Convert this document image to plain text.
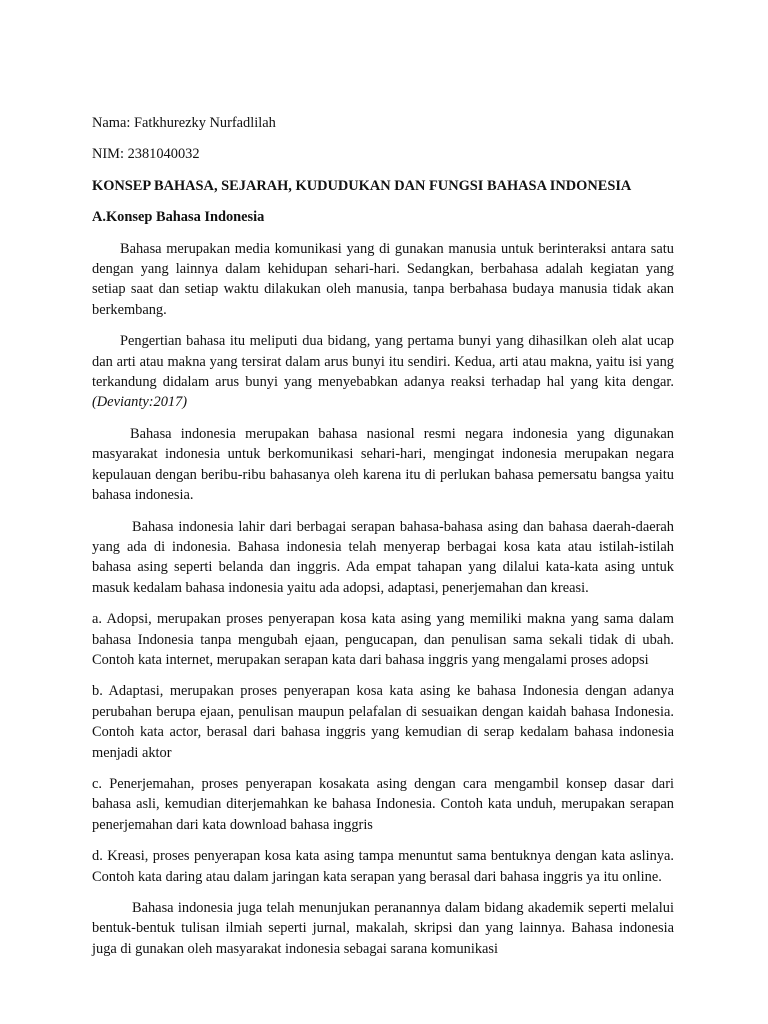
Nama: Fatkhurezky Nurfadlilah
NIM: 2381040032
KONSEP BAHASA, SEJARAH, KUDUDUKAN DAN FUNGSI BAHASA INDONESIA
A.Konsep Bahasa Indonesia

Bahasa merupakan media komunikasi yang di gunakan manusia untuk berinteraksi antara satu dengan yang lainnya dalam kehidupan sehari-hari. Sedangkan, berbahasa adalah kegiatan yang setiap saat dan setiap waktu dilakukan oleh manusia, tanpa berbahasa budaya manusia tidak akan berkembang.

Pengertian bahasa itu meliputi dua bidang, yang pertama bunyi yang dihasilkan oleh alat ucap dan arti atau makna yang tersirat dalam arus bunyi itu sendiri. Kedua, arti atau makna, yaitu isi yang terkandung didalam arus bunyi yang menyebabkan adanya reaksi terhadap hal yang kita dengar. (Devianty:2017)

Bahasa indonesia merupakan bahasa nasional resmi negara indonesia yang digunakan masyarakat indonesia untuk berkomunikasi sehari-hari, mengingat indonesia merupakan negara kepulauan dengan beribu-ribu bahasanya oleh karena itu di perlukan bahasa pemersatu bangsa yaitu bahasa indonesia.

Bahasa indonesia lahir dari berbagai serapan bahasa-bahasa asing dan bahasa daerah-daerah yang ada di indonesia. Bahasa indonesia telah menyerap berbagai kosa kata atau istilah-istilah bahasa asing seperti belanda dan inggris. Ada empat tahapan yang dilalui kata-kata asing untuk masuk kedalam bahasa indonesia yaitu ada adopsi, adaptasi, penerjemahan dan kreasi.

a. Adopsi, merupakan proses penyerapan kosa kata asing yang memiliki makna yang sama dalam bahasa Indonesia tanpa mengubah ejaan, pengucapan, dan penulisan sama sekali tidak di ubah. Contoh kata internet, merupakan serapan kata dari bahasa inggris yang mengalami proses adopsi

b. Adaptasi, merupakan proses penyerapan kosa kata asing ke bahasa Indonesia dengan adanya perubahan berupa ejaan, penulisan maupun pelafalan di sesuaikan dengan kaidah bahasa Indonesia. Contoh kata actor, berasal dari bahasa inggris yang kemudian di serap kedalam bahasa indonesia menjadi aktor

c. Penerjemahan, proses penyerapan kosakata asing dengan cara mengambil konsep dasar dari bahasa asli, kemudian diterjemahkan ke bahasa Indonesia. Contoh kata unduh, merupakan serapan penerjemahan dari kata download bahasa inggris

d. Kreasi, proses penyerapan kosa kata asing tampa menuntut sama bentuknya dengan kata aslinya. Contoh kata daring atau dalam jaringan kata serapan yang berasal dari bahasa inggris ya itu online.

Bahasa indonesia juga telah menunjukan peranannya dalam bidang akademik seperti melalui bentuk-bentuk tulisan ilmiah seperti jurnal, makalah, skripsi dan yang lainnya. Bahasa indonesia juga di gunakan oleh masyarakat indonesia sebagai sarana komunikasi
